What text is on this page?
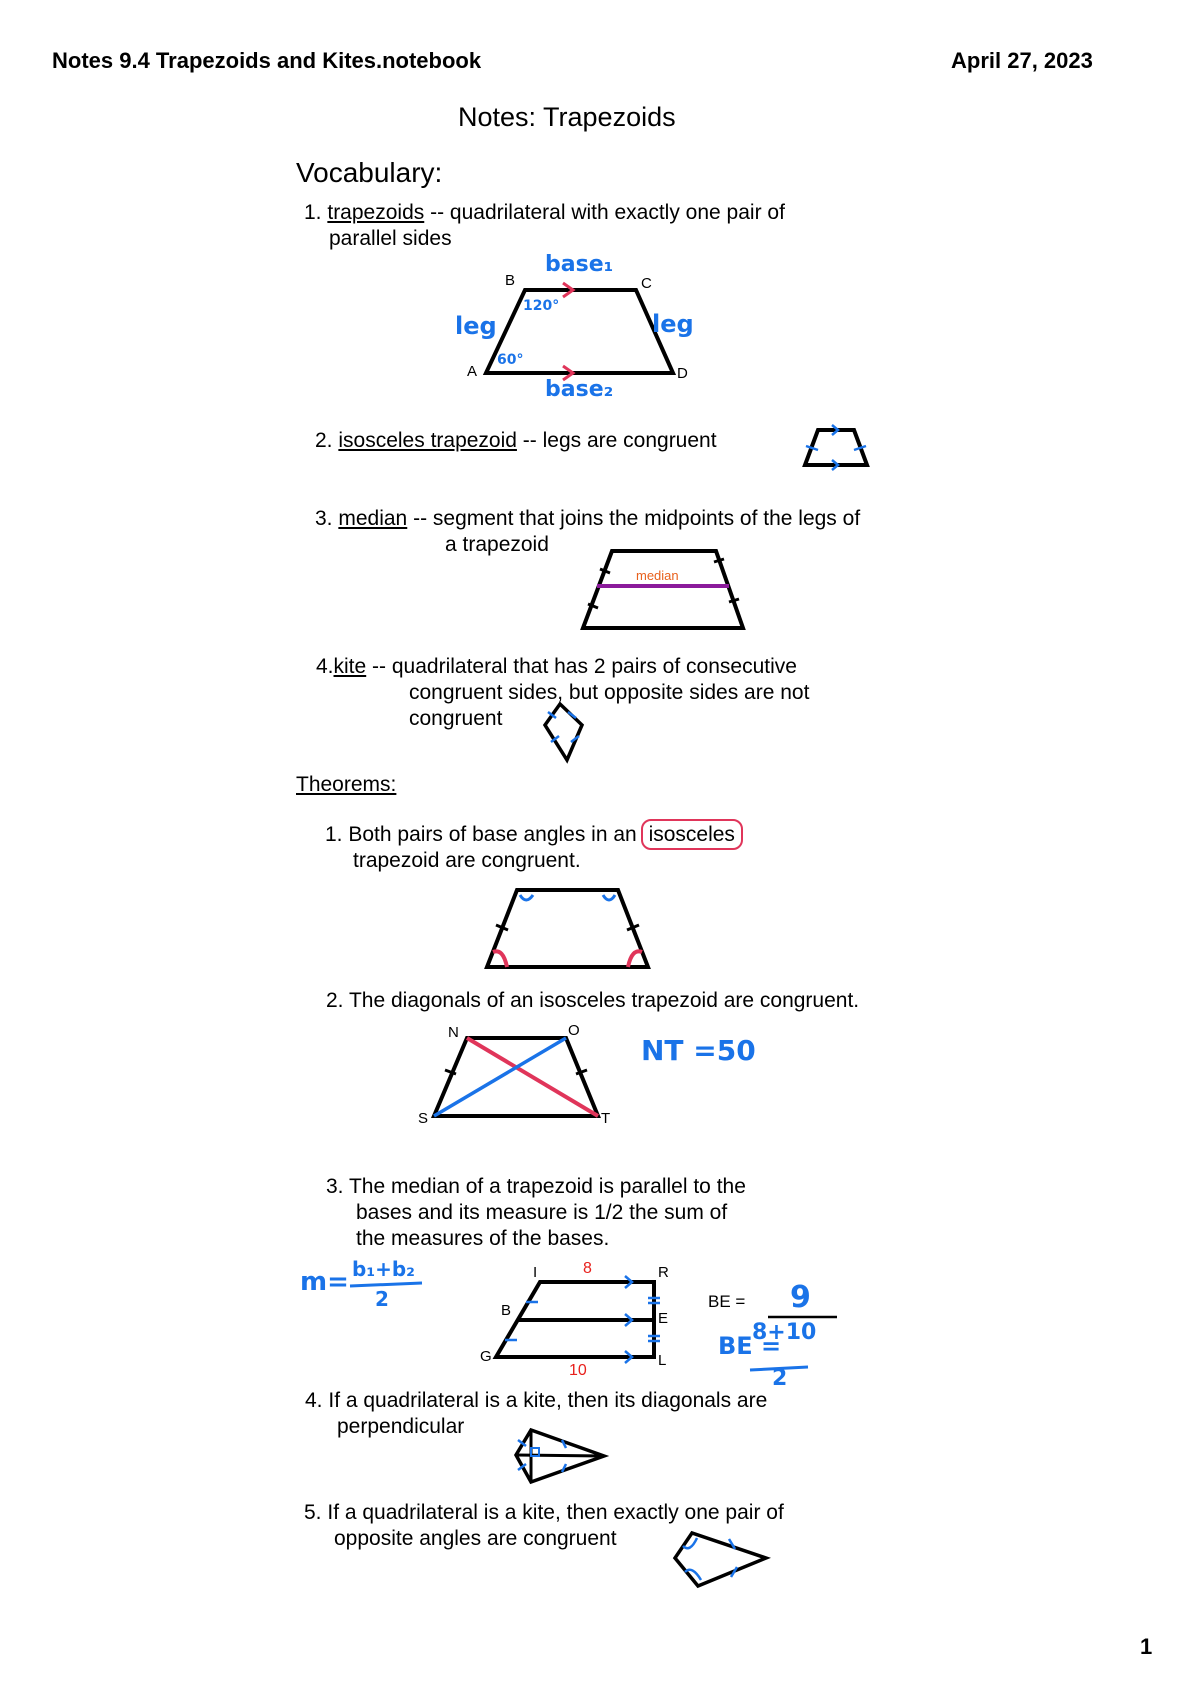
Notes 9.4 Trapezoids and Kites.notebook	April 27, 2023
1
Notes: Trapezoids
Vocabulary:
1. trapezoids -- quadrilateral with exactly one pair of
parallel sides
B	C
A	D
base₁
base₂
leg	leg
120°
60°
2. isosceles trapezoid -- legs are congruent
3. median -- segment that joins the midpoints of the legs of
a trapezoid
median
4.kite -- quadrilateral that has 2 pairs of consecutive
congruent sides, but opposite sides are not
congruent
Theorems:
1. Both pairs of base angles in an isosceles
trapezoid are congruent.
2. The diagonals of an isosceles trapezoid are congruent.
N	O
S	T
NT =50
3. The median of a trapezoid is parallel to the
bases and its measure is 1/2 the sum of
the measures of the bases.
m= b₁+b₂
2
I	R
B	E
G	L
8
10
BE = 9
BE =
8+10
2
4. If a quadrilateral is a kite, then its diagonals are
perpendicular
5. If a quadrilateral is a kite, then exactly one pair of
opposite angles are congruent
